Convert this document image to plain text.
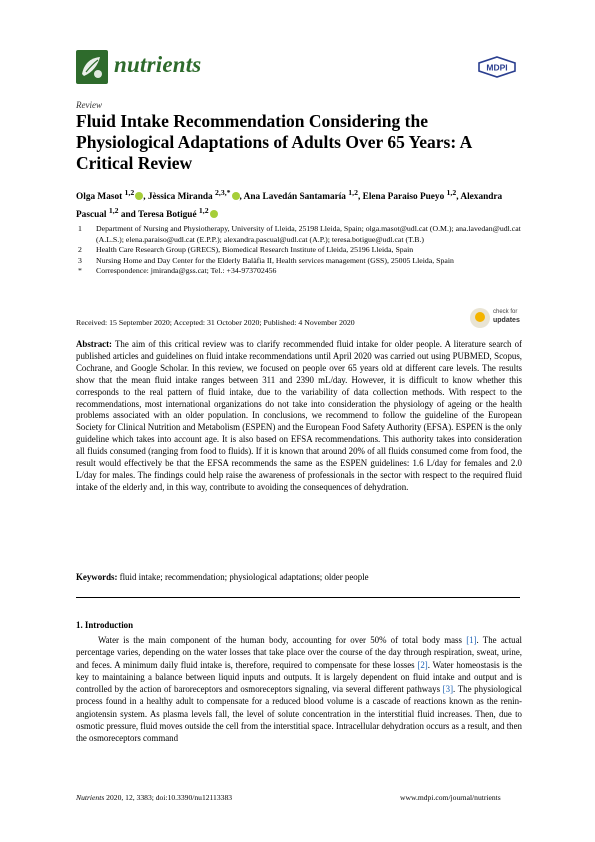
nutrients	MDPI
Review
Fluid Intake Recommendation Considering the Physiological Adaptations of Adults Over 65 Years: A Critical Review
Olga Masot $^{1,2}$ , Jèssica Miranda $^{2,3,*}$ , Ana Lavedán Santamaría $^{1,2}$, Elena Paraiso Pueyo $^{1,2}$, Alexandra Pascual $^{1,2}$ and Teresa Botigué $^{1,2}$
1 Department of Nursing and Physiotherapy, University of Lleida, 25198 Lleida, Spain; olga.masot@udl.cat (O.M.); ana.lavedan@udl.cat (A.L.S.); elena.paraiso@udl.cat (E.P.P.); alexandra.pascual@udl.cat (A.P.); teresa.botigue@udl.cat (T.B.)
2 Health Care Research Group (GRECS), Biomedical Research Institute of Lleida, 25196 Lleida, Spain
3 Nursing Home and Day Center for the Elderly Balàfia II, Health services management (GSS), 25005 Lleida, Spain
* Correspondence: jmiranda@gss.cat; Tel.: +34-973702456
Received: 15 September 2020; Accepted: 31 October 2020; Published: 4 November 2020
check for
updates
Abstract: The aim of this critical review was to clarify recommended fluid intake for older people. A literature search of published articles and guidelines on fluid intake recommendations until April 2020 was carried out using PUBMED, Scopus, Cochrane, and Google Scholar. In this review, we focused on people over 65 years old at different care levels. The results show that the mean fluid intake ranges between 311 and 2390 mL/day. However, it is difficult to know whether this corresponds to the real pattern of fluid intake, due to the variability of data collection methods. With respect to the recommendations, most international organizations do not take into consideration the physiology of ageing or the health problems associated with an older population. In conclusions, we recommend to follow the guideline of the European Society for Clinical Nutrition and Metabolism (ESPEN) and the European Food Safety Authority (EFSA). ESPEN is the only guideline which takes into account age. It is also based on EFSA recommendations. This authority takes into consideration all fluids consumed (ranging from food to fluids). If it is known that around 20% of all fluids consumed come from food, the result would effectively be that the EFSA recommends the same as the ESPEN guidelines: 1.6 L/day for females and 2.0 L/day for males. The findings could help raise the awareness of professionals in the sector with respect to the required fluid intake of the elderly and, in this way, contribute to avoiding the consequences of dehydration.
Keywords: fluid intake; recommendation; physiological adaptations; older people
1. Introduction
Water is the main component of the human body, accounting for over 50% of total body mass [1]. The actual percentage varies, depending on the water losses that take place over the course of the day through respiration, sweat, urine, and feces. A minimum daily fluid intake is, therefore, required to compensate for these losses [2]. Water homeostasis is the key to maintaining a balance between liquid inputs and outputs. It is largely dependent on fluid intake and output and is controlled by the action of baroreceptors and osmoreceptors signaling, via several different pathways [3]. The physiological process found in a healthy adult to compensate for a reduced blood volume is a cascade of reactions known as the renin-angiotensin system. As plasma levels fall, the level of solute concentration in the interstitial fluid increases. Then, due to osmotic pressure, fluid moves outside the cell from the interstitial space. Intracellular dehydration occurs as a result, and then the osmoreceptors command
Nutrients 2020, 12, 3383; doi:10.3390/nu12113383	www.mdpi.com/journal/nutrients
